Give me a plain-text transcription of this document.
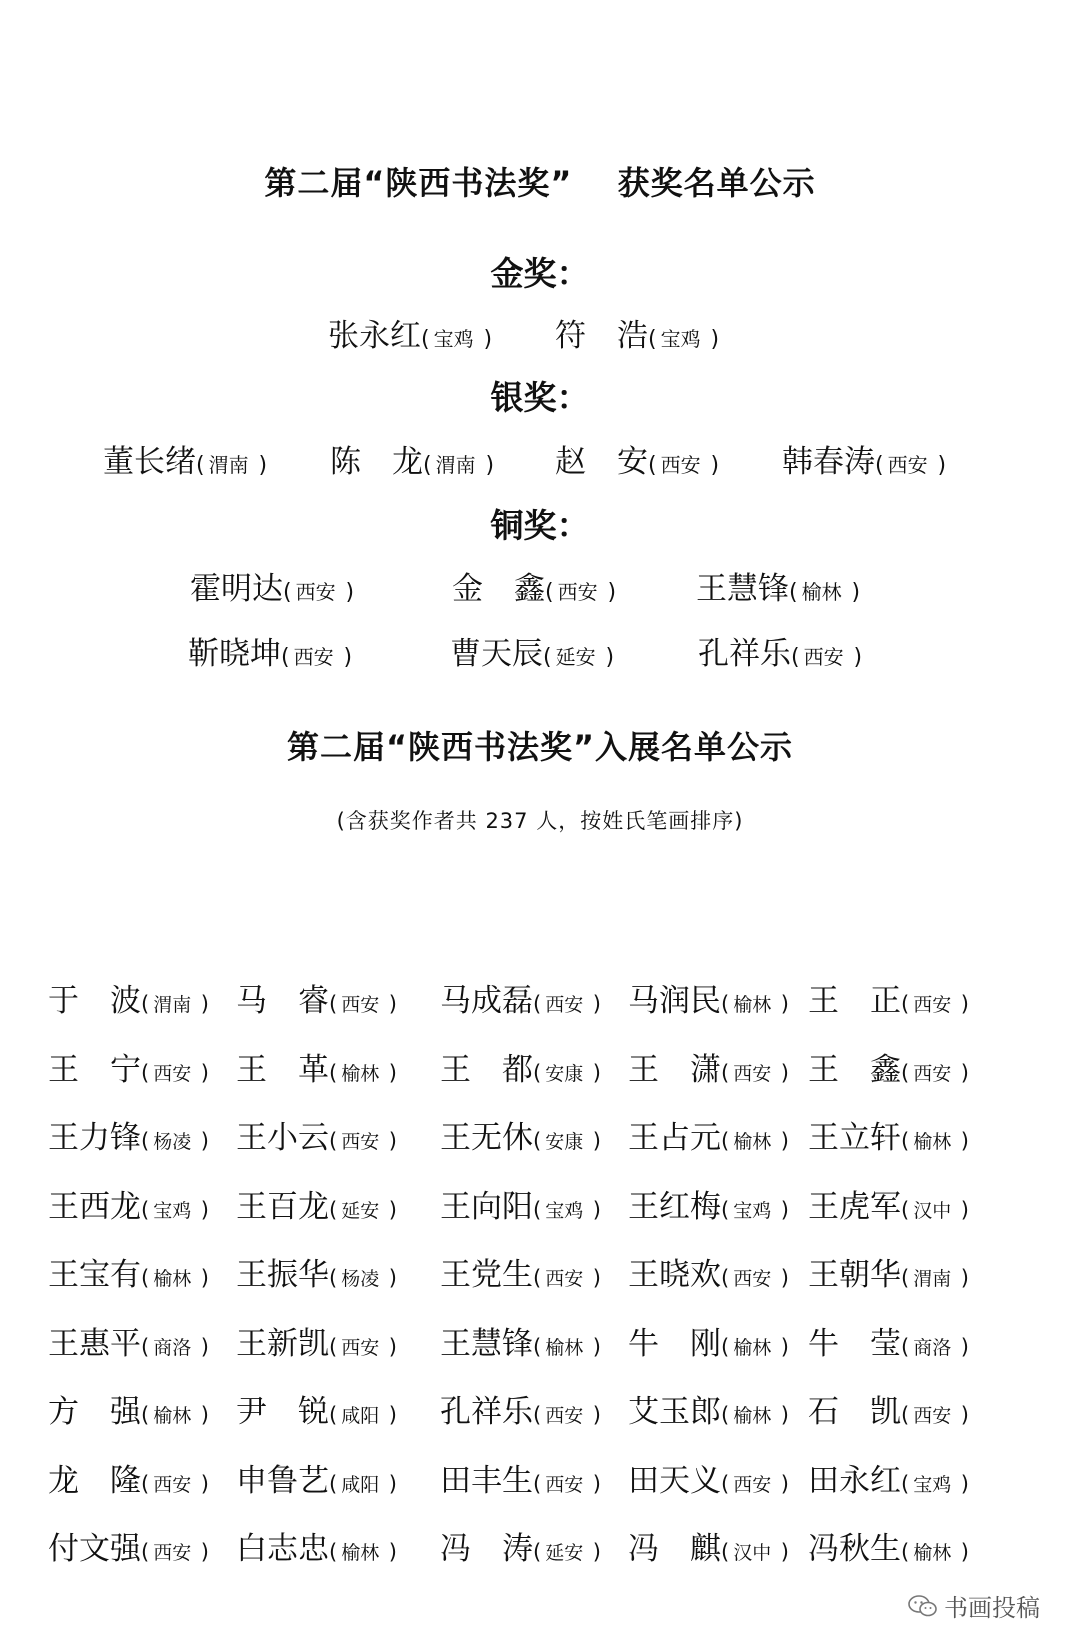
第二届“陕西书法奖”　 获奖名单公示
金奖：
张永红( 宝鸡 ) 符　浩( 宝鸡 )
银奖：
董长绪( 渭南 ) 陈　龙( 渭南 ) 赵　安( 西安 ) 韩春涛( 西安 )
铜奖：
霍明达( 西安 )	金　鑫( 西安 )	王慧锋( 榆林 )
靳晓坤( 西安 )	曹天辰( 延安 )	孔祥乐( 西安 )
第二届“陕西书法奖”入展名单公示
(含获奖作者共 237 人，按姓氏笔画排序)
于　波( 渭南 ) 马　睿( 西安 ) 马成磊( 西安 ) 马润民( 榆林 ) 王　正( 西安 )
王　宁( 西安 ) 王　革( 榆林 ) 王　都( 安康 ) 王　潇( 西安 ) 王　鑫( 西安 )
王力锋( 杨凌 ) 王小云( 西安 ) 王无休( 安康 ) 王占元( 榆林 ) 王立轩( 榆林 )
王西龙( 宝鸡 ) 王百龙( 延安 ) 王向阳( 宝鸡 ) 王红梅( 宝鸡 ) 王虎军( 汉中 )
王宝有( 榆林 ) 王振华( 杨凌 ) 王党生( 西安 ) 王晓欢( 西安 ) 王朝华( 渭南 )
王惠平( 商洛 ) 王新凯( 西安 ) 王慧锋( 榆林 ) 牛　刚( 榆林 ) 牛　莹( 商洛 )
方　强( 榆林 ) 尹　锐( 咸阳 ) 孔祥乐( 西安 ) 艾玉郎( 榆林 ) 石　凯( 西安 )
龙　隆( 西安 ) 申鲁艺( 咸阳 ) 田丰生( 西安 ) 田天义( 西安 ) 田永红( 宝鸡 )
付文强( 西安 ) 白志忠( 榆林 ) 冯　涛( 延安 ) 冯　麒( 汉中 ) 冯秋生( 榆林 )
书画投稿
